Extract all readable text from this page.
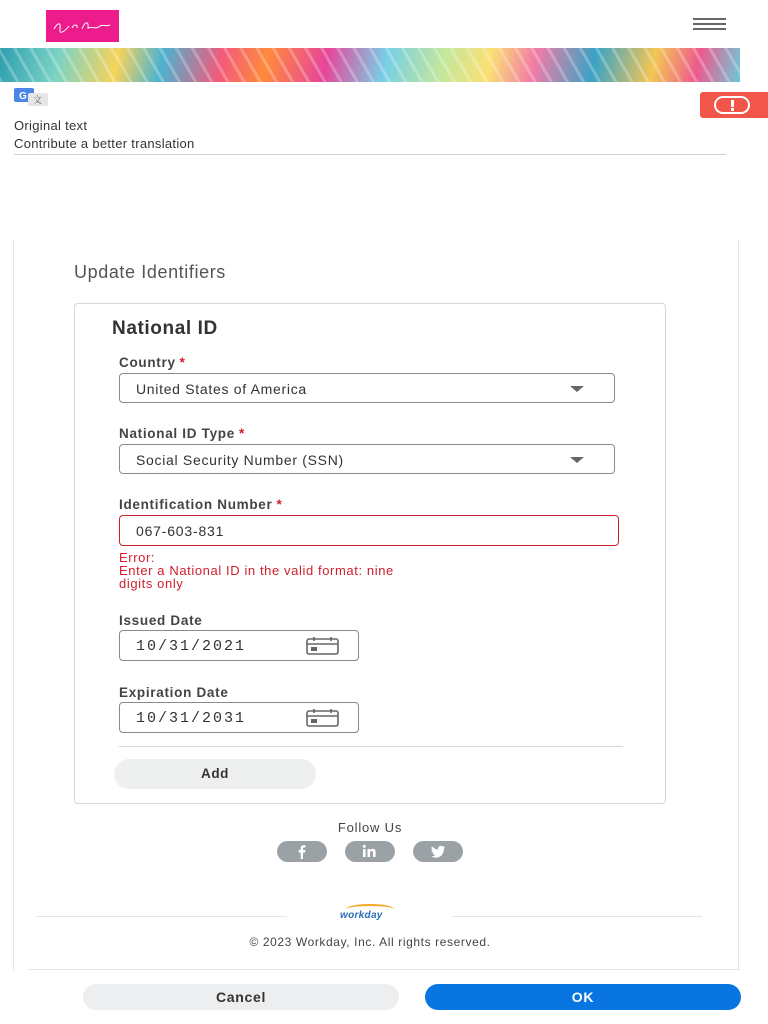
G 文
Original text
Contribute a better translation
Update Identifiers
National ID
Country *
United States of America
National ID Type *
Social Security Number (SSN)
Identification Number *
067-603-831
Error:
Enter a National ID in the valid format: nine
digits only
Issued Date
10/31/2021
Expiration Date
10/31/2031
Add
Follow Us
workday
© 2023 Workday, Inc. All rights reserved.
Cancel	OK
